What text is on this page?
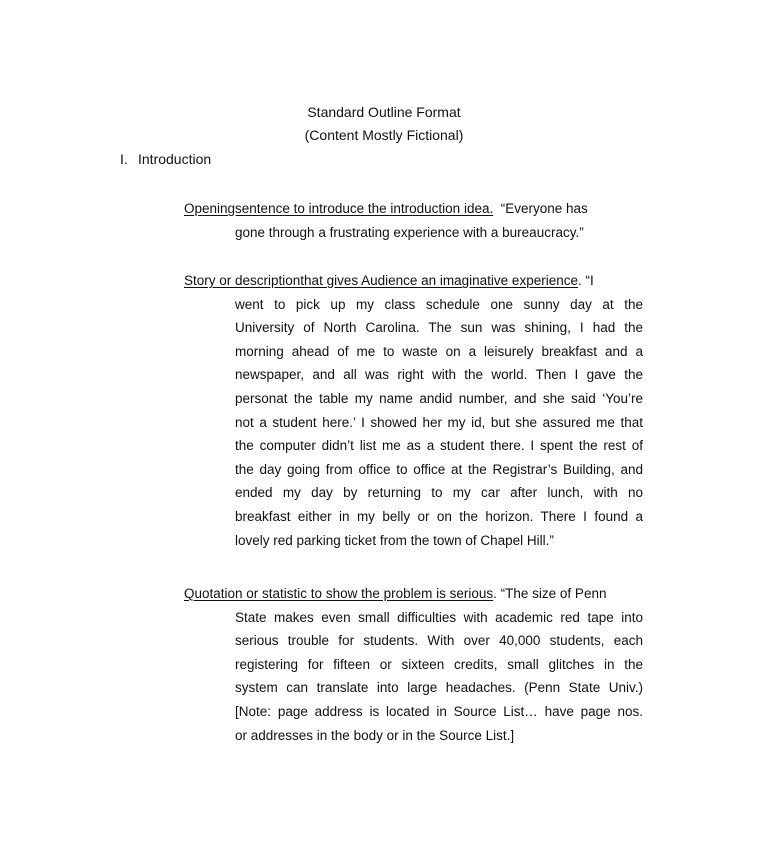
Standard Outline Format
(Content Mostly Fictional)
I. Introduction
Openingsentence to introduce the introduction idea. “Everyone has
gone through a frustrating experience with a bureaucracy.”
Story or descriptionthat gives Audience an imaginative experience. “I
went to pick up my class schedule one sunny day at the
University of North Carolina. The sun was shining, I had the
morning ahead of me to waste on a leisurely breakfast and a
newspaper, and all was right with the world. Then I gave the
personat the table my name andid number, and she said ‘You’re
not a student here.’ I showed her my id, but she assured me that
the computer didn’t list me as a student there. I spent the rest of
the day going from office to office at the Registrar’s Building, and
ended my day by returning to my car after lunch, with no
breakfast either in my belly or on the horizon. There I found a
lovely red parking ticket from the town of Chapel Hill.”
Quotation or statistic to show the problem is serious. “The size of Penn
State makes even small difficulties with academic red tape into
serious trouble for students. With over 40,000 students, each
registering for fifteen or sixteen credits, small glitches in the
system can translate into large headaches. (Penn State Univ.)
[Note: page address is located in Source List… have page nos.
or addresses in the body or in the Source List.]
